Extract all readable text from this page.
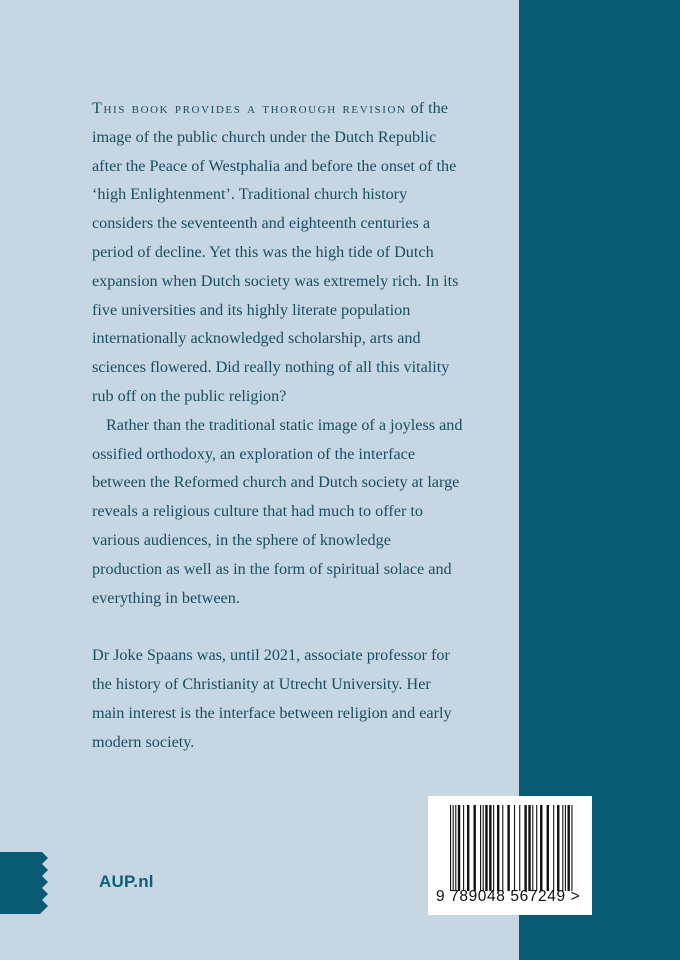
This book provides a thorough revision of the image of the public church under the Dutch Republic after the Peace of Westphalia and before the onset of the ‘high Enlightenment’. Traditional church history considers the seventeenth and eighteenth centuries a period of decline. Yet this was the high tide of Dutch expansion when Dutch society was extremely rich. In its five universities and its highly literate population internationally acknowledged scholarship, arts and sciences flowered. Did really nothing of all this vitality rub off on the public religion?

Rather than the traditional static image of a joyless and ossified orthodoxy, an exploration of the interface between the Reformed church and Dutch society at large reveals a religious culture that had much to offer to various audiences, in the sphere of knowledge production as well as in the form of spiritual solace and everything in between.

Dr Joke Spaans was, until 2021, associate professor for the history of Christianity at Utrecht University. Her main interest is the interface between religion and early modern society.

AUP.nl
9 789048 567249 >
